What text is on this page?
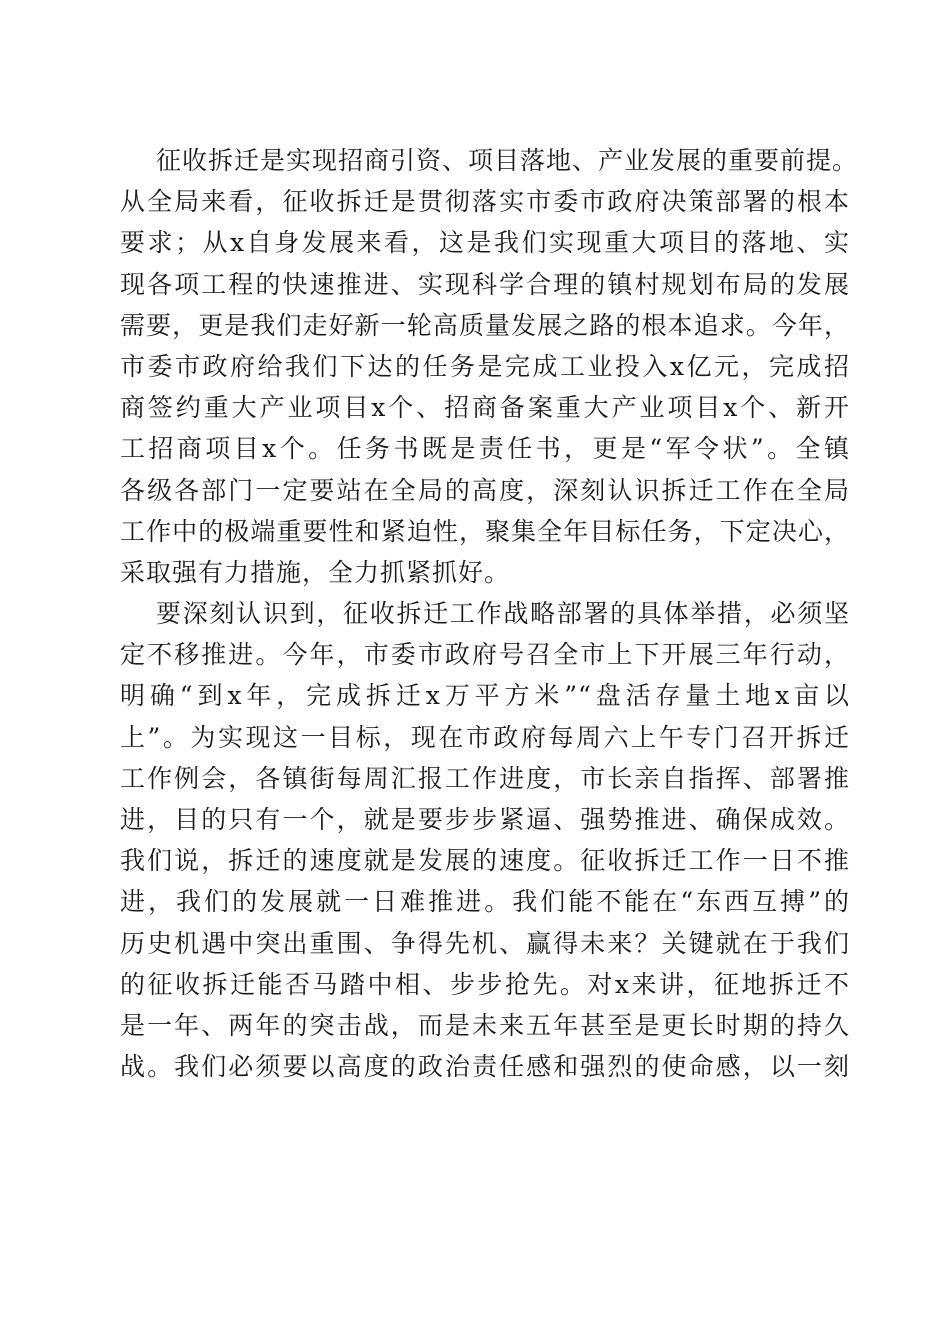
征收拆迁是实现招商引资、项目落地、产业发展的重要前提。
从全局来看，征收拆迁是贯彻落实市委市政府决策部署的根本
要求；从x自身发展来看，这是我们实现重大项目的落地、实
现各项工程的快速推进、实现科学合理的镇村规划布局的发展
需要，更是我们走好新一轮高质量发展之路的根本追求。今年，
市委市政府给我们下达的任务是完成工业投入x亿元，完成招
商签约重大产业项目x个、招商备案重大产业项目x个、新开
工招商项目x个。任务书既是责任书，更是“军令状”。全镇
各级各部门一定要站在全局的高度，深刻认识拆迁工作在全局
工作中的极端重要性和紧迫性，聚集全年目标任务，下定决心，
采取强有力措施，全力抓紧抓好。
要深刻认识到，征收拆迁工作战略部署的具体举措，必须坚
定不移推进。今年，市委市政府号召全市上下开展三年行动，
明确“到x年，完成拆迁x万平方米”“盘活存量土地x亩以
上”。为实现这一目标，现在市政府每周六上午专门召开拆迁
工作例会，各镇街每周汇报工作进度，市长亲自指挥、部署推
进，目的只有一个，就是要步步紧逼、强势推进、确保成效。
我们说，拆迁的速度就是发展的速度。征收拆迁工作一日不推
进，我们的发展就一日难推进。我们能不能在“东西互搏”的
历史机遇中突出重围、争得先机、赢得未来？关键就在于我们
的征收拆迁能否马踏中相、步步抢先。对x来讲，征地拆迁不
是一年、两年的突击战，而是未来五年甚至是更长时期的持久
战。我们必须要以高度的政治责任感和强烈的使命感，以一刻
